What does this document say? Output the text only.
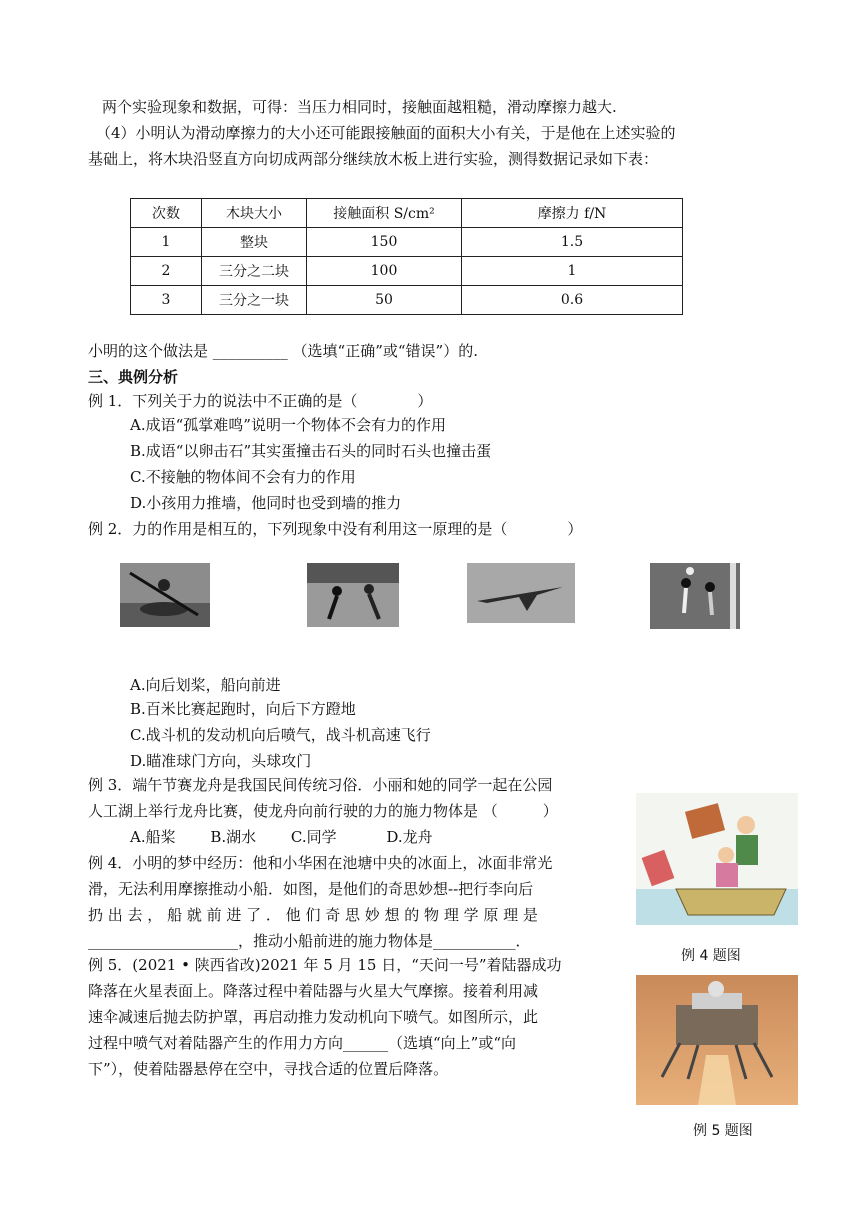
两个实验现象和数据，可得：当压力相同时，接触面越粗糙，滑动摩擦力越大.
（4）小明认为滑动摩擦力的大小还可能跟接触面的面积大小有关，于是他在上述实验的
基础上，将木块沿竖直方向切成两部分继续放木板上进行实验，测得数据记录如下表：
次数	木块大小	接触面积 S/cm²	摩擦力 f/N
1	整块	150	1.5
2	三分之二块	100	1
3	三分之一块	50	0.6
小明的这个做法是 __________ （选填“正确”或“错误”）的.
三、典例分析
例 1．下列关于力的说法中不正确的是（　　　　）
A.成语“孤掌难鸣”说明一个物体不会有力的作用
B.成语“以卵击石”其实蛋撞击石头的同时石头也撞击蛋
C.不接触的物体间不会有力的作用
D.小孩用力推墙，他同时也受到墙的推力
例 2．力的作用是相互的，下列现象中没有利用这一原理的是（　　　　）
A.向后划桨，船向前进
B.百米比赛起跑时，向后下方蹬地
C.战斗机的发动机向后喷气，战斗机高速飞行
D.瞄准球门方向，头球攻门
例 3．端午节赛龙舟是我国民间传统习俗．小丽和她的同学一起在公园
人工湖上举行龙舟比赛，使龙舟向前行驶的力的施力物体是 （　　　）
A.船桨　　 B.湖水　　 C.同学　　　 D.龙舟
例 4．小明的梦中经历：他和小华困在池塘中央的冰面上，冰面非常光
滑，无法利用摩擦推动小船．如图，是他们的奇思妙想--把行李向后
扔 出 去 ， 船 就 前 进 了 ． 他 们 奇 思 妙 想 的 物 理 学 原 理 是
____________________，推动小船前进的施力物体是___________．
例 4 题图
例 5．(2021 • 陕西省改)2021 年 5 月 15 日，“天问一号”着陆器成功
降落在火星表面上。降落过程中着陆器与火星大气摩擦。接着利用减
速伞减速后抛去防护罩，再启动推力发动机向下喷气。如图所示，此
过程中喷气对着陆器产生的作用力方向______（选填“向上”或“向
下”），使着陆器悬停在空中，寻找合适的位置后降落。
例 5 题图
